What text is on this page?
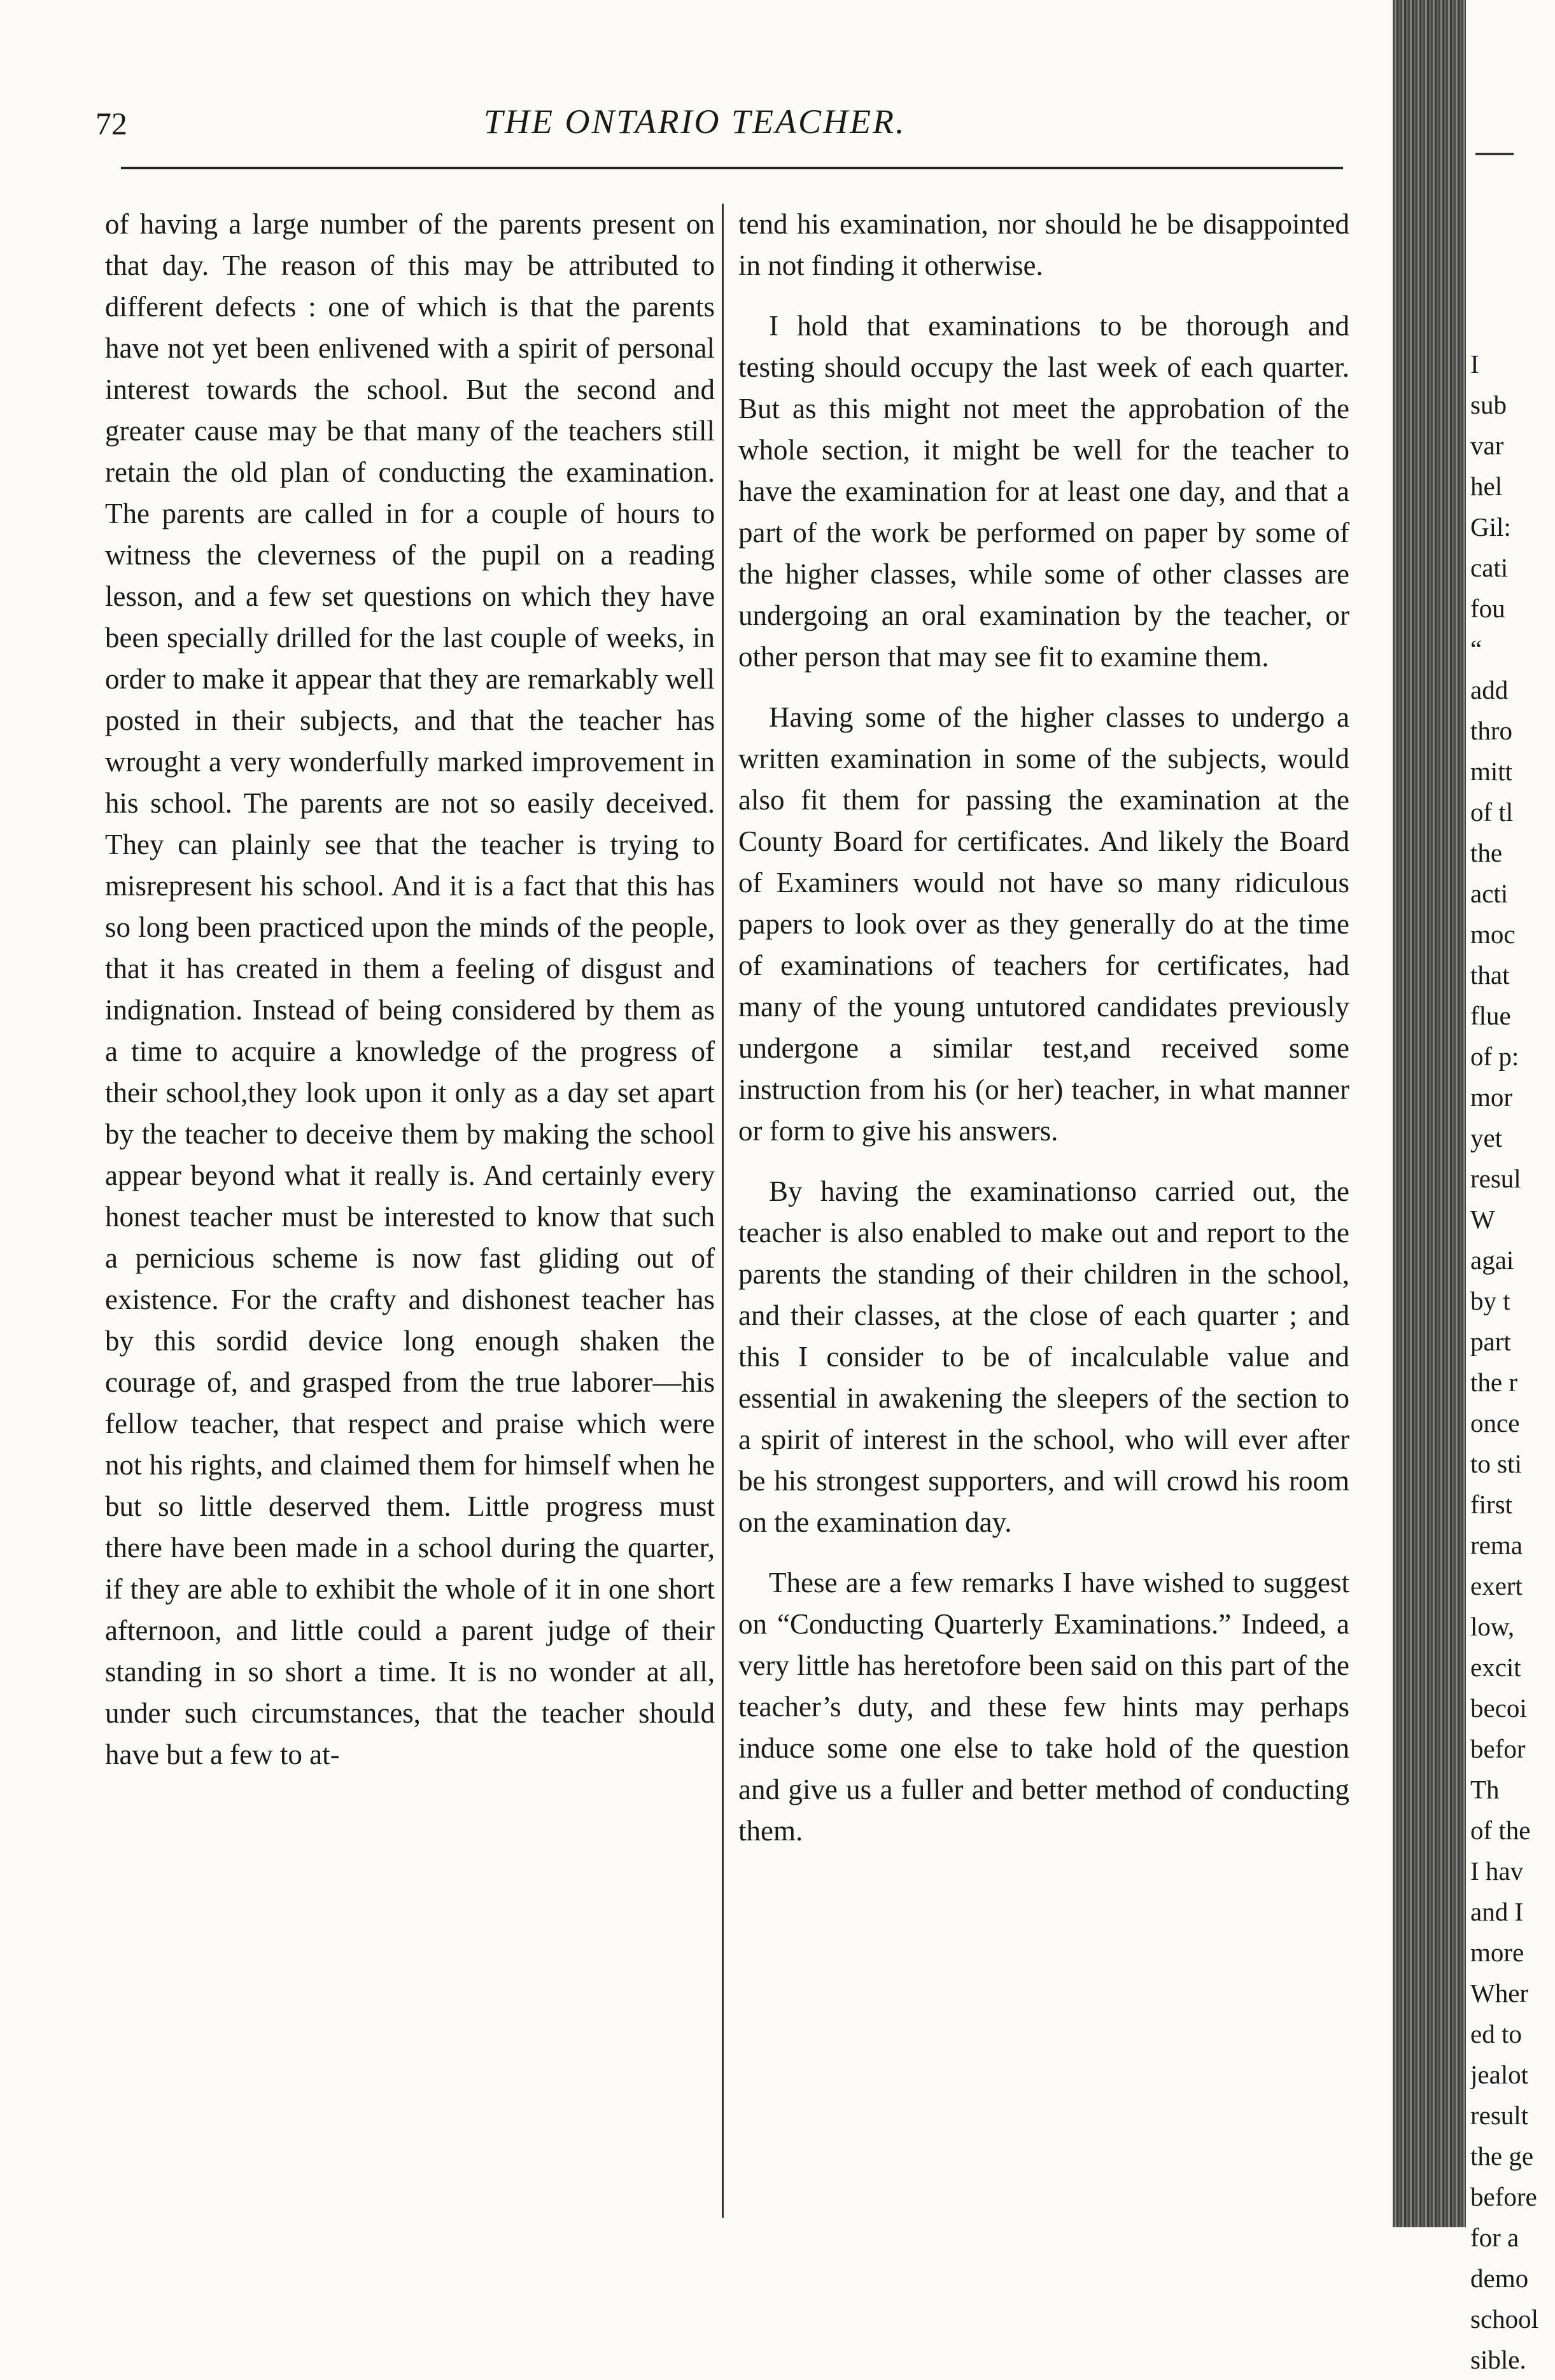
72	THE ONTARIO TEACHER.

of having a large number of the parents present on that day. The reason of this may be attributed to different defects : one of which is that the parents have not yet been enlivened with a spirit of personal interest towards the school. But the second and greater cause may be that many of the teachers still retain the old plan of conducting the examination. The parents are called in for a couple of hours to witness the cleverness of the pupil on a reading lesson, and a few set questions on which they have been specially drilled for the last couple of weeks, in order to make it appear that they are remarkably well posted in their subjects, and that the teacher has wrought a very wonderfully marked improvement in his school. The parents are not so easily deceived. They can plainly see that the teacher is trying to misrepresent his school. And it is a fact that this has so long been practiced upon the minds of the people, that it has created in them a feeling of disgust and indignation. Instead of being considered by them as a time to acquire a knowledge of the progress of their school,they look upon it only as a day set apart by the teacher to deceive them by making the school appear beyond what it really is. And certainly every honest teacher must be interested to know that such a pernicious scheme is now fast gliding out of existence. For the crafty and dishonest teacher has by this sordid device long enough shaken the courage of, and grasped from the true laborer—his fellow teacher, that respect and praise which were not his rights, and claimed them for himself when he but so little deserved them. Little progress must there have been made in a school during the quarter, if they are able to exhibit the whole of it in one short afternoon, and little could a parent judge of their standing in so short a time. It is no wonder at all, under such circumstances, that the teacher should have but a few to at-

tend his examination, nor should he be disappointed in not finding it otherwise.

I hold that examinations to be thorough and testing should occupy the last week of each quarter. But as this might not meet the approbation of the whole section, it might be well for the teacher to have the examination for at least one day, and that a part of the work be performed on paper by some of the higher classes, while some of other classes are undergoing an oral examination by the teacher, or other person that may see fit to examine them.

Having some of the higher classes to undergo a written examination in some of the subjects, would also fit them for passing the examination at the County Board for certificates. And likely the Board of Examiners would not have so many ridiculous papers to look over as they generally do at the time of examinations of teachers for certificates, had many of the young untutored candidates previously undergone a similar test,and received some instruction from his (or her) teacher, in what manner or form to give his answers.

By having the examinationso carried out, the teacher is also enabled to make out and report to the parents the standing of their children in the school, and their classes, at the close of each quarter ; and this I consider to be of incalculable value and essential in awakening the sleepers of the section to a spirit of interest in the school, who will ever after be his strongest supporters, and will crowd his room on the examination day.

These are a few remarks I have wished to suggest on “Conducting Quarterly Examinations.” Indeed, a very little has heretofore been said on this part of the teacher’s duty, and these few hints may perhaps induce some one else to take hold of the question and give us a fuller and better method of conducting them.

I
sub
var
hel
Gil:
cati
fou
“
add
thro
mitt
of tl
the
acti
moc
that
flue
of p:
mor
yet
resul
W
agai
by t
part
the r
once
to sti
first
rema
exert
low,
excit
becoi
befor
Th
of the
I hav
and I
more
Wher
ed to
jealot
result
the ge
before
for a
demo
school
sible.
